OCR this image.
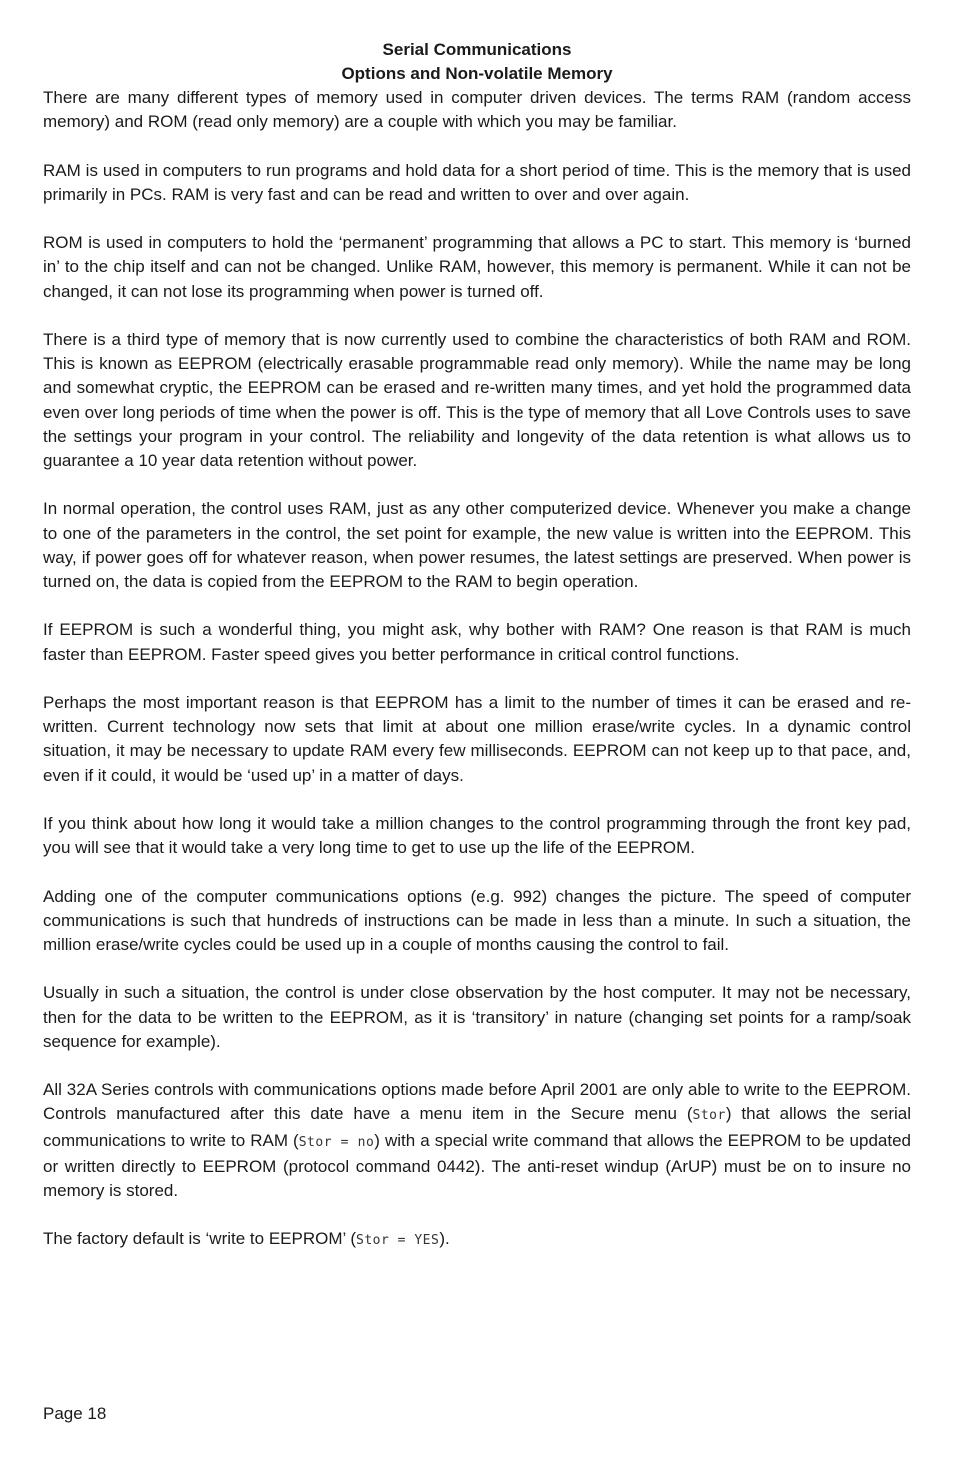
Serial Communications

Options and Non-volatile Memory

There are many different types of memory used in computer driven devices. The terms RAM (random access memory) and ROM (read only memory) are a couple with which you may be familiar.

RAM is used in computers to run programs and hold data for a short period of time. This is the memory that is used primarily in PCs. RAM is very fast and can be read and written to over and over again.

ROM is used in computers to hold the ‘permanent’ programming that allows a PC to start. This memory is ‘burned in’ to the chip itself and can not be changed. Unlike RAM, however, this memory is permanent. While it can not be changed, it can not lose its programming when power is turned off.

There is a third type of memory that is now currently used to combine the characteristics of both RAM and ROM. This is known as EEPROM (electrically erasable programmable read only memory). While the name may be long and somewhat cryptic, the EEPROM can be erased and re-written many times, and yet hold the programmed data even over long periods of time when the power is off. This is the type of memory that all Love Controls uses to save the settings your program in your control. The reliability and longevity of the data retention is what allows us to guarantee a 10 year data retention without power.

In normal operation, the control uses RAM, just as any other computerized device. Whenever you make a change to one of the parameters in the control, the set point for example, the new value is written into the EEPROM. This way, if power goes off for whatever reason, when power resumes, the latest settings are preserved. When power is turned on, the data is copied from the EEPROM to the RAM to begin operation.

If EEPROM is such a wonderful thing, you might ask, why bother with RAM? One reason is that RAM is much faster than EEPROM. Faster speed gives you better performance in critical control functions.

Perhaps the most important reason is that EEPROM has a limit to the number of times it can be erased and re-written. Current technology now sets that limit at about one million erase/write cycles. In a dynamic control situation, it may be necessary to update RAM every few milliseconds. EEPROM can not keep up to that pace, and, even if it could, it would be ‘used up’ in a matter of days.

If you think about how long it would take a million changes to the control programming through the front key pad, you will see that it would take a very long time to get to use up the life of the EEPROM.

Adding one of the computer communications options (e.g. 992) changes the picture. The speed of computer communications is such that hundreds of instructions can be made in less than a minute. In such a situation, the million erase/write cycles could be used up in a couple of months causing the control to fail.

Usually in such a situation, the control is under close observation by the host computer. It may not be necessary, then for the data to be written to the EEPROM, as it is ‘transitory’ in nature (changing set points for a ramp/soak sequence for example).

All 32A Series controls with communications options made before April 2001 are only able to write to the EEPROM. Controls manufactured after this date have a menu item in the Secure menu (Stor) that allows the serial communications to write to RAM (Stor = no) with a special write command that allows the EEPROM to be updated or written directly to EEPROM (protocol command 0442). The anti-reset windup (ArUP) must be on to insure no memory is stored.

The factory default is ‘write to EEPROM’ (Stor = YES).

Page 18
